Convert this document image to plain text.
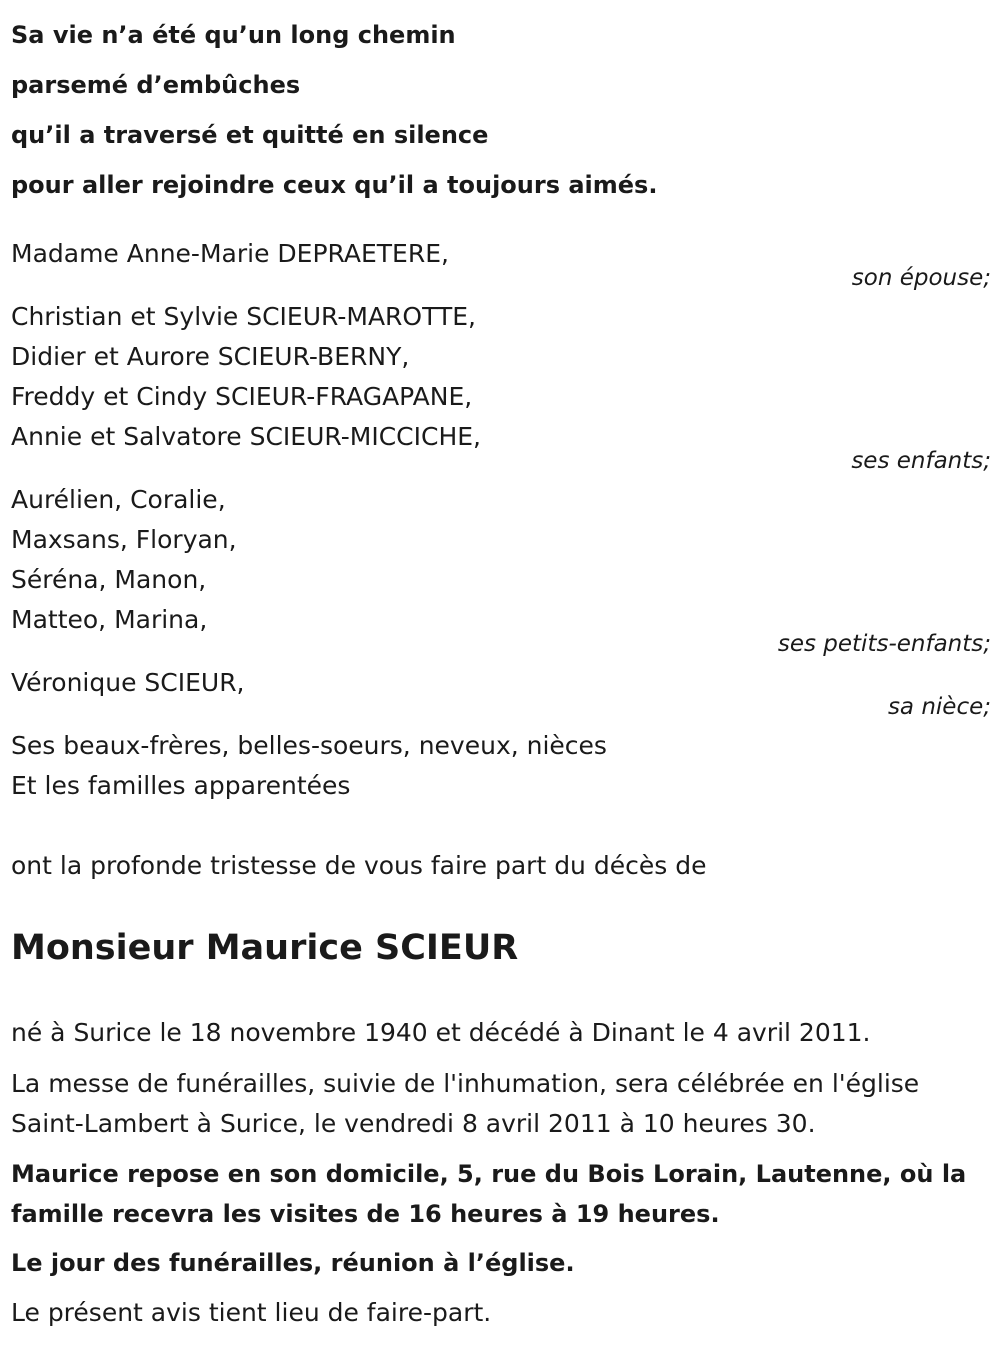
Sa vie n’a été qu’un long chemin
parsemé d’embûches
qu’il a traversé et quitté en silence
pour aller rejoindre ceux qu’il a toujours aimés.
Madame Anne-Marie DEPRAETERE,
son épouse;
Christian et Sylvie SCIEUR-MAROTTE,
Didier et Aurore SCIEUR-BERNY,
Freddy et Cindy SCIEUR-FRAGAPANE,
Annie et Salvatore SCIEUR-MICCICHE,
ses enfants;
Aurélien, Coralie,
Maxsans, Floryan,
Séréna, Manon,
Matteo, Marina,
ses petits-enfants;
Véronique SCIEUR,
sa nièce;
Ses beaux-frères, belles-soeurs, neveux, nièces
Et les familles apparentées
ont la profonde tristesse de vous faire part du décès de
Monsieur Maurice SCIEUR
né à Surice le 18 novembre 1940 et décédé à Dinant le 4 avril 2011.
La messe de funérailles, suivie de l'inhumation, sera célébrée en l'église
Saint-Lambert à Surice, le vendredi 8 avril 2011 à 10 heures 30.
Maurice repose en son domicile, 5, rue du Bois Lorain, Lautenne, où la
famille recevra les visites de 16 heures à 19 heures.
Le jour des funérailles, réunion à l’église.
Le présent avis tient lieu de faire-part.
